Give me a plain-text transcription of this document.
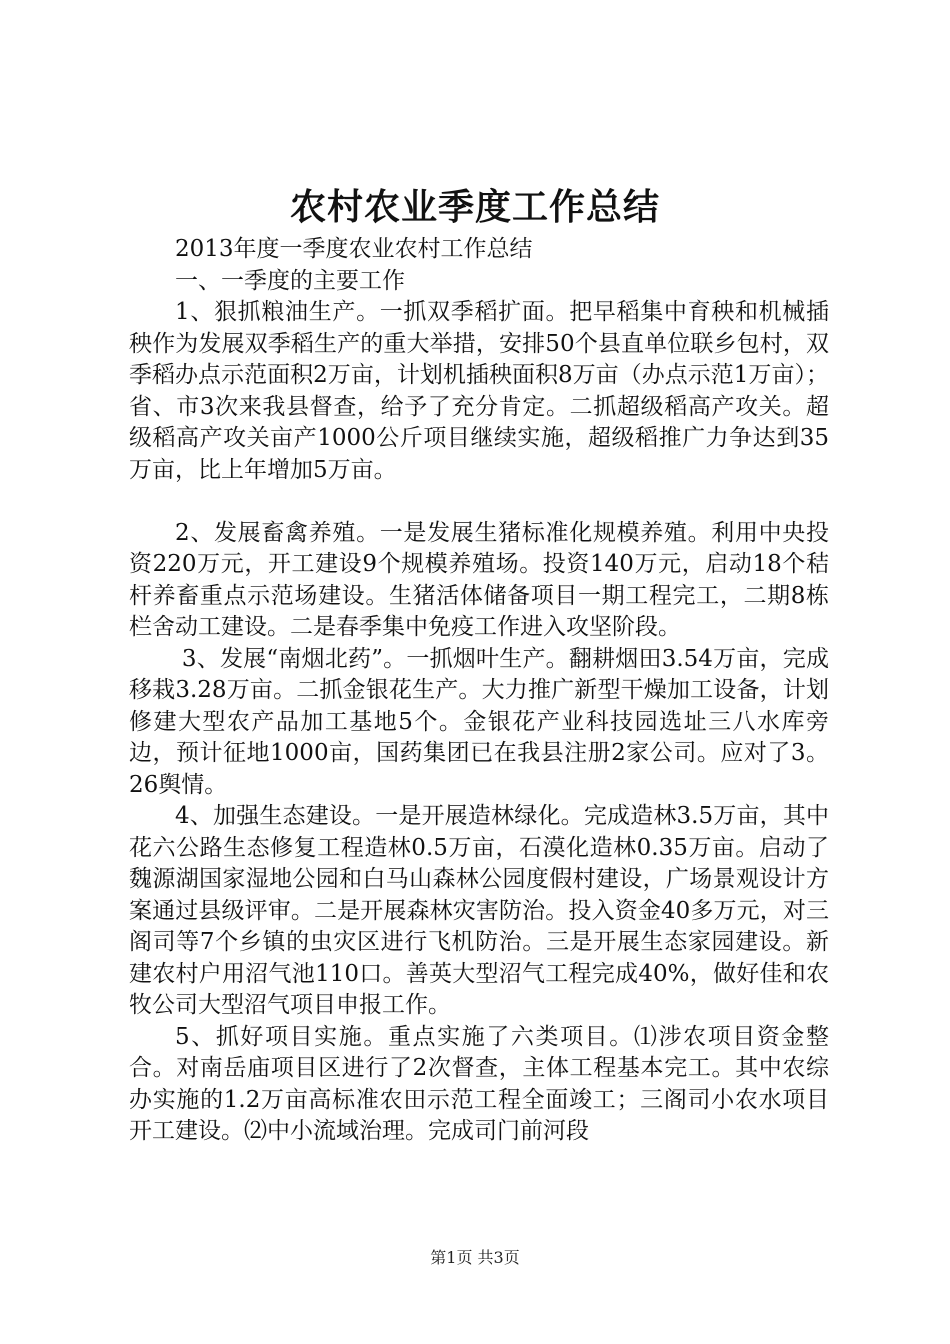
农村农业季度工作总结

2013年度一季度农业农村工作总结

一、一季度的主要工作

1、狠抓粮油生产。一抓双季稻扩面。把早稻集中育秧和机械插秧作为发展双季稻生产的重大举措，安排50个县直单位联乡包村，双季稻办点示范面积2万亩，计划机插秧面积8万亩（办点示范1万亩）；省、市3次来我县督查，给予了充分肯定。二抓超级稻高产攻关。超级稻高产攻关亩产1000公斤项目继续实施，超级稻推广力争达到35万亩，比上年增加5万亩。

2、发展畜禽养殖。一是发展生猪标准化规模养殖。利用中央投资220万元，开工建设9个规模养殖场。投资140万元，启动18个秸杆养畜重点示范场建设。生猪活体储备项目一期工程完工，二期8栋栏舍动工建设。二是春季集中免疫工作进入攻坚阶段。

3、发展“南烟北药”。一抓烟叶生产。翻耕烟田3.54万亩，完成移栽3.28万亩。二抓金银花生产。大力推广新型干燥加工设备，计划修建大型农产品加工基地5个。金银花产业科技园选址三八水库旁边，预计征地1000亩，国药集团已在我县注册2家公司。应对了3。26舆情。

4、加强生态建设。一是开展造林绿化。完成造林3.5万亩，其中花六公路生态修复工程造林0.5万亩，石漠化造林0.35万亩。启动了魏源湖国家湿地公园和白马山森林公园度假村建设，广场景观设计方案通过县级评审。二是开展森林灾害防治。投入资金40多万元，对三阁司等7个乡镇的虫灾区进行飞机防治。三是开展生态家园建设。新建农村户用沼气池110口。善英大型沼气工程完成40%，做好佳和农牧公司大型沼气项目申报工作。

5、抓好项目实施。重点实施了六类项目。⑴涉农项目资金整合。对南岳庙项目区进行了2次督查，主体工程基本完工。其中农综办实施的1.2万亩高标准农田示范工程全面竣工；三阁司小农水项目开工建设。⑵中小流域治理。完成司门前河段

第1页 共3页
